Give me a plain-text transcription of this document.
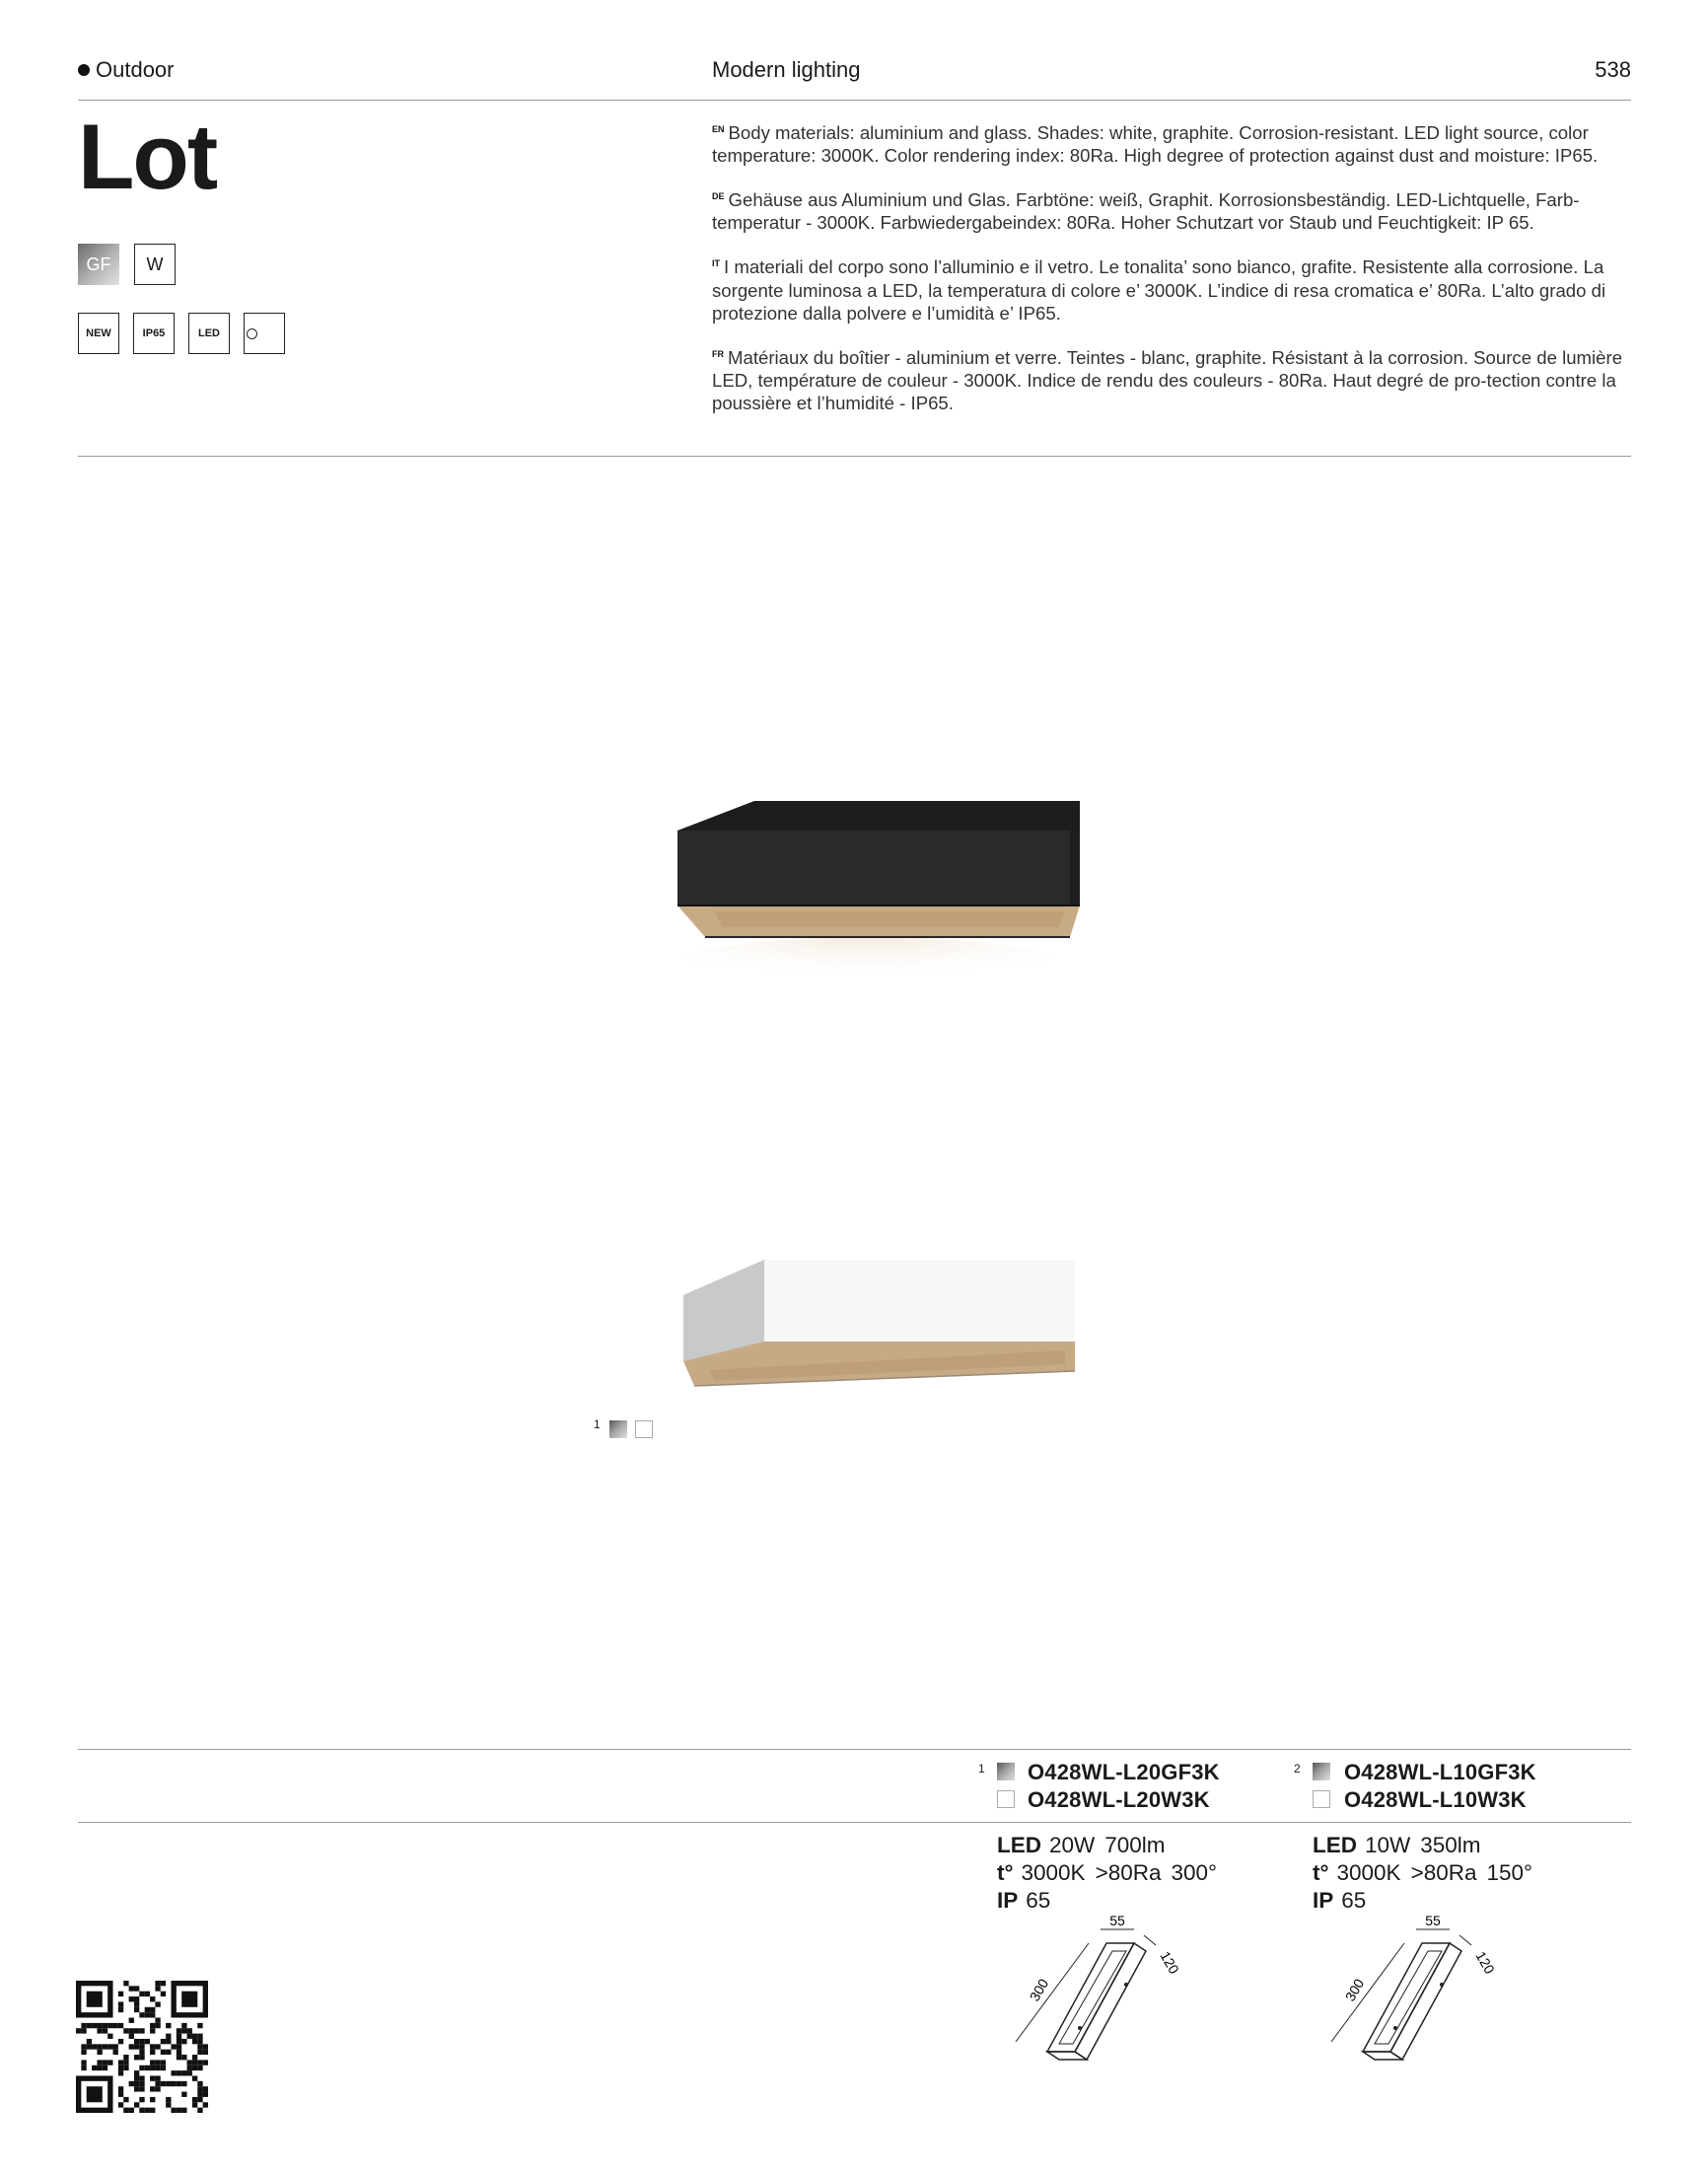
Outdoor	Modern lighting	538
Lot
GF	W
NEW	IP65	LED

$^{EN}$ Body materials: aluminium and glass. Shades: white, graphite. Corrosion-resistant. LED light source, color temperature: 3000K. Color rendering index: 80Ra. High degree of protection against dust and moisture: IP65.

$^{DE}$ Gehäuse aus Aluminium und Glas. Farbtöne: weiß, Graphit. Korrosionsbeständig. LED-Lichtquelle, Farb-temperatur - 3000K. Farbwiedergabeindex: 80Ra. Hoher Schutzart vor Staub und Feuchtigkeit: IP 65.

$^{IT}$ I materiali del corpo sono l’alluminio e il vetro. Le tonalita’ sono bianco, grafite. Resistente alla corrosione. La sorgente luminosa a LED, la temperatura di colore e’ 3000K. L’indice di resa cromatica e’ 80Ra. L’alto grado di protezione dalla polvere e l’umidità e’ IP65.

$^{FR}$ Matériaux du boîtier - aluminium et verre. Teintes - blanc, graphite. Résistant à la corrosion. Source de lumière LED, température de couleur - 3000K. Indice de rendu des couleurs - 80Ra. Haut degré de pro-tection contre la poussière et l’humidité - IP65.

1
1 O428WL-L20GF3K
O428WL-L20W3K
LED 20W 700lm
t° 3000K >80Ra 300°
IP 65
55
120
300
2 O428WL-L10GF3K
O428WL-L10W3K
LED 10W 350lm
t° 3000K >80Ra 150°
IP 65
55
120
300
